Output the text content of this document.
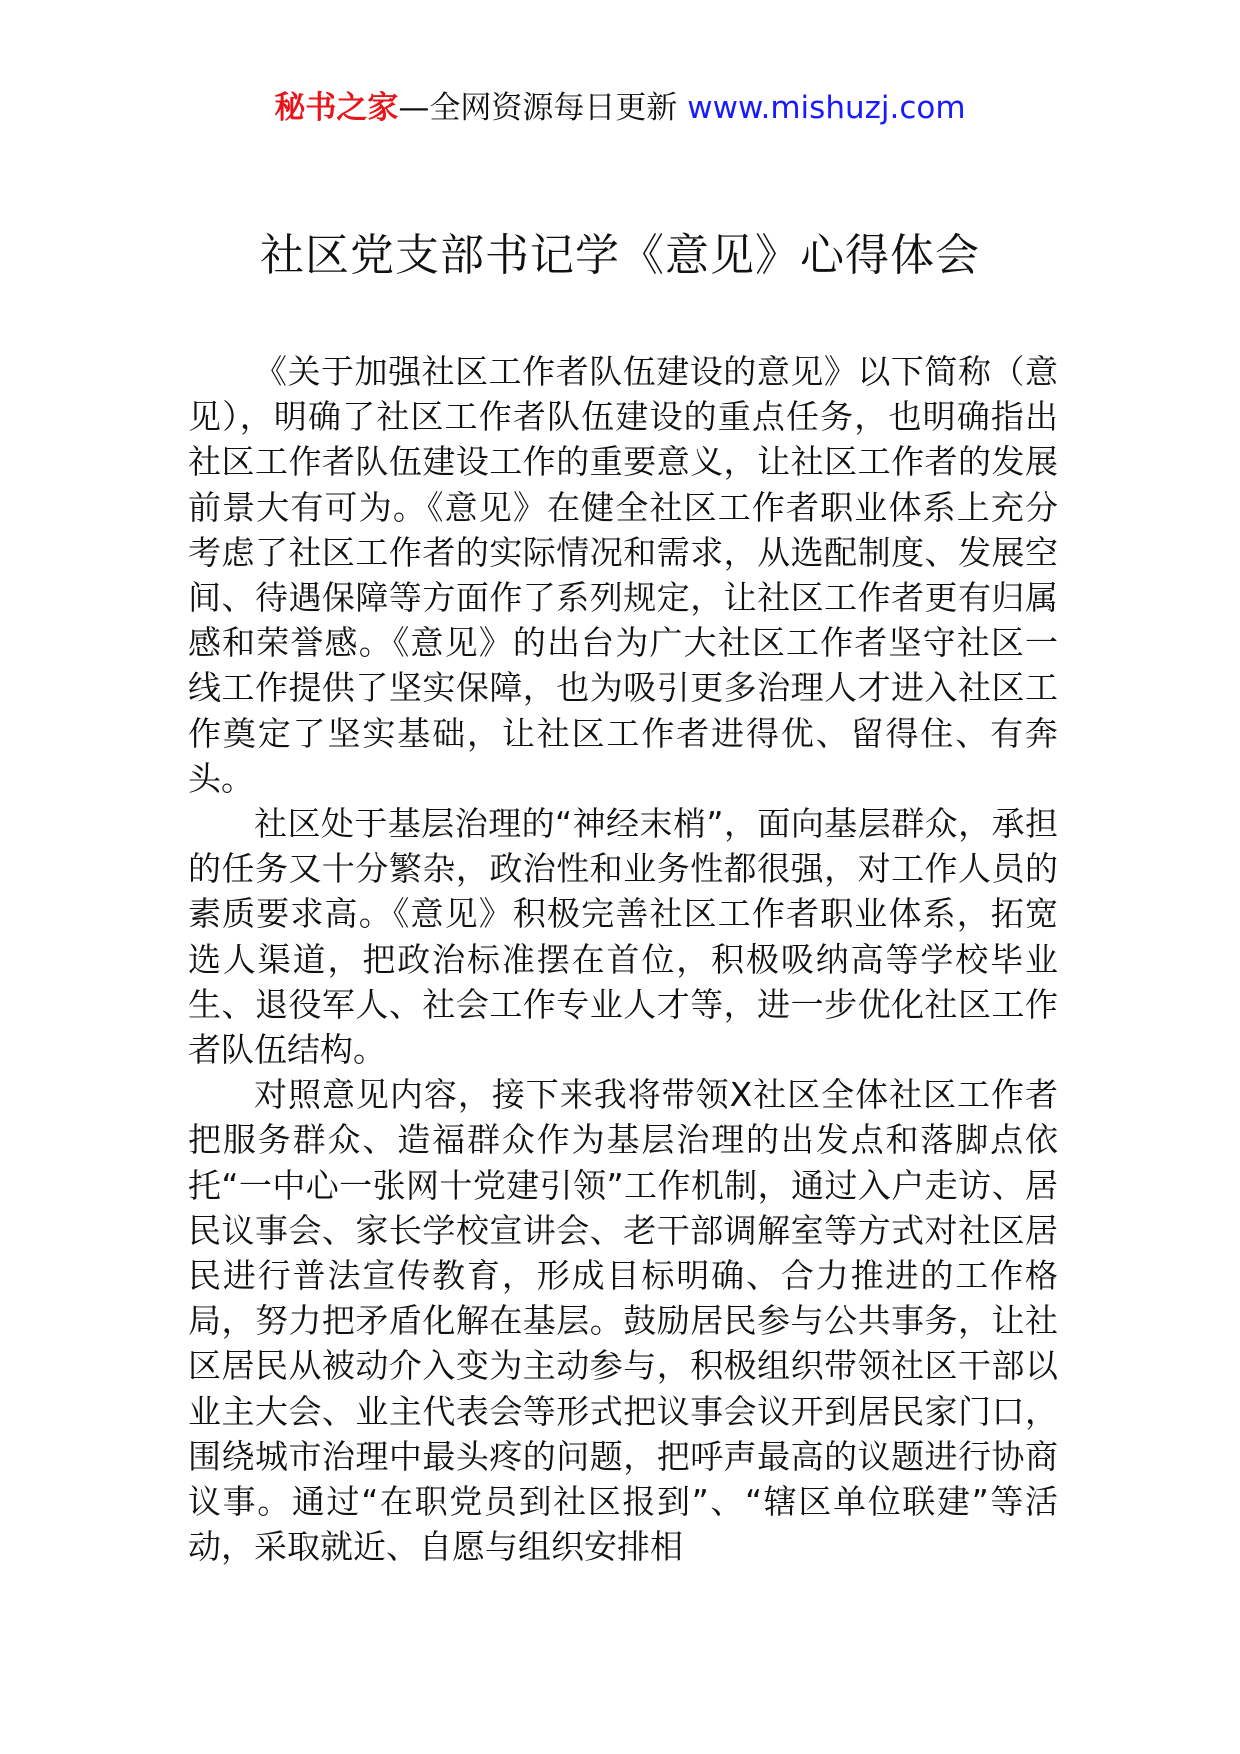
秘书之家—全网资源每日更新 www.mishuzj.com
社区党支部书记学《意见》心得体会

《关于加强社区工作者队伍建设的意见》以下简称（意见），明确了社区工作者队伍建设的重点任务，也明确指出社区工作者队伍建设工作的重要意义，让社区工作者的发展前景大有可为。《意见》在健全社区工作者职业体系上充分考虑了社区工作者的实际情况和需求，从选配制度、发展空间、待遇保障等方面作了系列规定，让社区工作者更有归属感和荣誉感。《意见》的出台为广大社区工作者坚守社区一线工作提供了坚实保障，也为吸引更多治理人才进入社区工作奠定了坚实基础，让社区工作者进得优、留得住、有奔头。

社区处于基层治理的“神经末梢”，面向基层群众，承担的任务又十分繁杂，政治性和业务性都很强，对工作人员的素质要求高。《意见》积极完善社区工作者职业体系，拓宽选人渠道，把政治标准摆在首位，积极吸纳高等学校毕业生、退役军人、社会工作专业人才等，进一步优化社区工作者队伍结构。

对照意见内容，接下来我将带领X社区全体社区工作者把服务群众、造福群众作为基层治理的出发点和落脚点依托“一中心一张网十党建引领”工作机制，通过入户走访、居民议事会、家长学校宣讲会、老干部调解室等方式对社区居民进行普法宣传教育，形成目标明确、合力推进的工作格局，努力把矛盾化解在基层。鼓励居民参与公共事务，让社区居民从被动介入变为主动参与，积极组织带领社区干部以业主大会、业主代表会等形式把议事会议开到居民家门口，围绕城市治理中最头疼的问题，把呼声最高的议题进行协商议事。通过“在职党员到社区报到”、“辖区单位联建”等活动，采取就近、自愿与组织安排相
